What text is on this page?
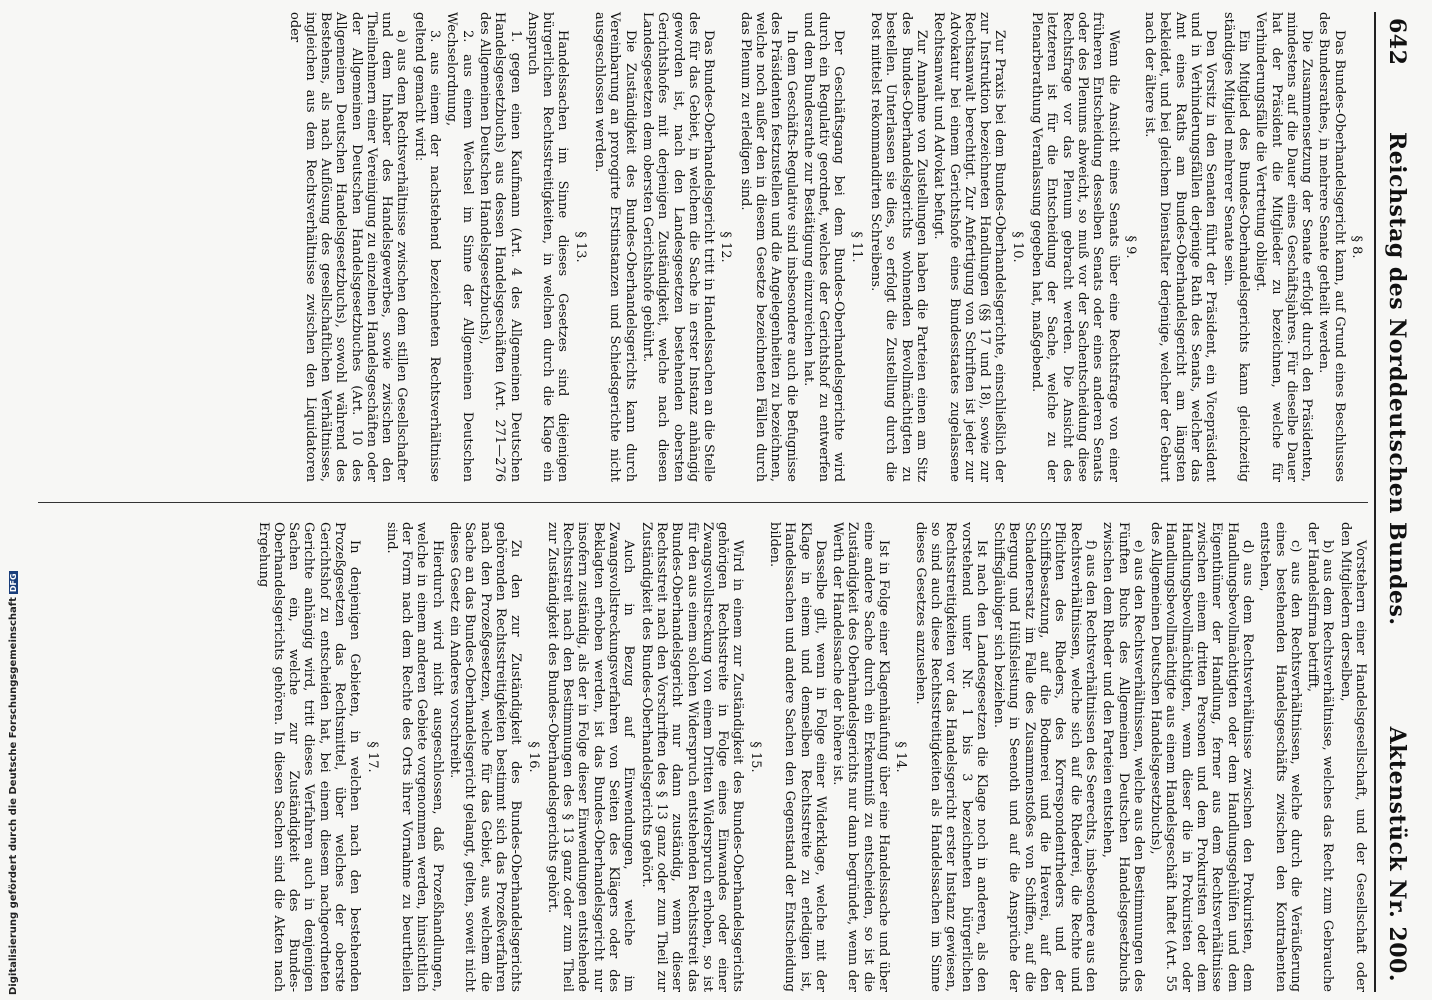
642
Reichstag des Norddeutschen Bundes.
Aktenstück Nr. 200.
§ 8.

Das Bundes-Oberhandelsgericht kann, auf Grund eines Beschlusses des Bundesrathes, in mehrere Senate getheilt werden.

Die Zusammensetzung der Senate erfolgt durch den Präsidenten, mindestens auf die Dauer eines Geschäftsjahres. Für dieselbe Dauer hat der Präsident die Mitglieder zu bezeichnen, welche für Verhinderungsfälle die Vertretung obliegt.

Ein Mitglied des Bundes-Oberhandelsgerichts kann gleichzeitig ständiges Mitglied mehrerer Senate sein.

Den Vorsitz in den Senaten führt der Präsident, ein Vicepräsident und in Verhinderungsfällen derjenige Rath des Senats, welcher das Amt eines Raths am Bundes-Oberhandelsgericht am längsten bekleidet, und bei gleichem Dienstalter derjenige, welcher der Geburt nach der ältere ist.

§ 9.

Wenn die Ansicht eines Senats über eine Rechtsfrage von einer früheren Entscheidung desselben Senats oder eines anderen Senats oder des Plenums abweicht, so muß vor der Sachentscheidung diese Rechtsfrage vor das Plenum gebracht werden. Die Ansicht des letzteren ist für die Entscheidung der Sache, welche zu der Plenarberathung Veranlassung gegeben hat, maßgebend.

§ 10.

Zur Praxis bei dem Bundes-Oberhandelsgerichte, einschließlich der zur Instruktion bezeichneten Handlungen (§§ 17 und 18), sowie zur Rechtsanwalt berechtigt. Zur Anfertigung von Schriften ist jeder zur Advokatur bei einem Gerichtshofe eines Bundesstaates zugelassene Rechtsanwalt und Advokat befugt.

Zur Annahme von Zustellungen haben die Parteien einen am Sitz des Bundes-Oberhandelsgerichts wohnenden Bevollmächtigten zu bestellen. Unterlassen sie dies, so erfolgt die Zustellung durch die Post mittelst rekommandirten Schreibens.

§ 11.

Der Geschäftsgang bei dem Bundes-Oberhandelsgerichte wird durch ein Regulativ geordnet, welches der Gerichtshof zu entwerfen und dem Bundesrathe zur Bestätigung einzureichen hat.

In dem Geschäfts-Regulative sind insbesondere auch die Befugnisse des Präsidenten festzustellen und die Angelegenheiten zu bezeichnen, welche noch außer den in diesem Gesetze bezeichneten Fällen durch das Plenum zu erledigen sind.

§ 12.

Das Bundes-Oberhandelsgericht tritt in Handelssachen an die Stelle des für das Gebiet, in welchem die Sache in erster Instanz anhängig geworden ist, nach den Landesgesetzen bestehenden obersten Gerichtshofes mit derjenigen Zuständigkeit, welche nach diesen Landesgesetzen dem obersten Gerichtshofe gebührt.

Die Zuständigkeit des Bundes-Oberhandelsgerichts kann durch Vereinbarung an prorogirte Erstinstanzen und Schiedsgerichte nicht ausgeschlossen werden.

§ 13.

Handelssachen im Sinne dieses Gesetzes sind diejenigen bürgerlichen Rechtsstreitigkeiten, in welchen durch die Klage ein Anspruch

1. gegen einen Kaufmann (Art. 4 des Allgemeinen Deutschen Handelsgesetzbuchs) aus dessen Handelsgeschäften (Art. 271—276 des Allgemeinen Deutschen Handelsgesetzbuchs),

2. aus einem Wechsel im Sinne der Allgemeinen Deutschen Wechselordnung,

3. aus einem der nachstehend bezeichneten Rechtsverhältnisse geltend gemacht wird:

a) aus dem Rechtsverhältnisse zwischen dem stillen Gesellschafter und dem Inhaber des Handelsgewerbes, sowie zwischen den Theilnehmern einer Vereinigung zu einzelnen Handelsgeschäften oder der Allgemeinen Deutschen Handelsgesetzbuches (Art. 10 des Allgemeinen Deutschen Handelsgesetzbuchs), sowohl während des Bestehens, als nach Auflösung des gesellschaftlichen Verhältnisses, ingleichen aus dem Rechtsverhältnisse zwischen den Liquidatoren oder

Vorstehern einer Handelsgesellschaft, und der Gesellschaft oder den Mitgliedern derselben,

b) aus dem Rechtsverhältnisse, welches das Recht zum Gebrauche der Handelsfirma betrifft,

c) aus den Rechtsverhältnissen, welche durch die Veräußerung eines bestehenden Handelsgeschäfts zwischen den Kontrahenten entstehen,

d) aus dem Rechtsverhältnisse zwischen den Prokuristen, dem Handlungsbevollmächtigten oder dem Handlungsgehülfen und dem Eigenthümer der Handlung, ferner aus dem Rechtsverhältnisse zwischen einem dritten Personen und dem Prokuristen oder dem Handlungsbevollmächtigten, wenn dieser die in Prokuristen oder Handlungsbevollmächtigte aus einem Handelsgeschäft haftet (Art. 55 des Allgemeinen Deutschen Handelsgesetzbuchs),

e) aus den Rechtsverhältnissen, welche aus den Bestimmungen des Fünften Buchs des Allgemeinen Deutschen Handelsgesetzbuchs zwischen dem Rheder und den Parteien entstehen,

f) aus den Rechtsverhältnissen des Seerechts, insbesondere aus den Rechtsverhältnissen, welche sich auf die Rhederei, die Rechte und Pflichten des Rheders, des Korrespondentrheders und der Schiffsbesatzung, auf die Bodmerei und die Haverei, auf den Schadenersatz im Falle des Zusammenstoßes von Schiffen, auf die Bergung und Hülfsleistung in Seenoth und auf die Ansprüche der Schiffsgläubiger sich beziehen.

Ist nach den Landesgesetzen die Klage noch in anderen, als den vorstehend unter Nr. 1 bis 3 bezeichneten bürgerlichen Rechtsstreitigkeiten vor das Handelsgericht erster Instanz gewiesen, so sind auch diese Rechtsstreitigkeiten als Handelssachen im Sinne dieses Gesetzes anzusehen.

§ 14.

Ist in Folge einer Klagenhäufung über eine Handelssache und über eine andere Sache durch ein Erkenntniß zu entscheiden, so ist die Zuständigkeit des Oberhandelsgerichts nur dann begründet, wenn der Werth der Handelssache der höhere ist.

Dasselbe gilt, wenn in Folge einer Widerklage, welche mit der Klage in einem und demselben Rechtsstreite zu erledigen ist, Handelssachen und andere Sachen den Gegenstand der Entscheidung bilden.

§ 15.

Wird in einem zur Zuständigkeit des Bundes-Oberhandelsgerichts gehörigen Rechtsstreite in Folge eines Einwandes oder einer Zwangsvollstreckung von einem Dritten Widerspruch erhoben, so ist für den aus einem solchen Widerspruch entstehenden Rechtsstreit das Bundes-Oberhandelsgericht nur dann zuständig, wenn dieser Rechtsstreit nach den Vorschriften des § 13 ganz oder zum Theil zur Zuständigkeit des Bundes-Oberhandelsgerichts gehört.

Auch in Bezug auf Einwendungen, welche im Zwangsvollstreckungsverfahren von Seiten des Klägers oder des Beklagten erhoben werden, ist das Bundes-Oberhandelsgericht nur insofern zuständig, als der in Folge dieser Einwendungen entstehende Rechtsstreit nach den Bestimmungen des § 13 ganz oder zum Theil zur Zuständigkeit des Bundes-Oberhandelsgerichts gehört.

§ 16.

Zu den zur Zuständigkeit des Bundes-Oberhandelsgerichts gehörenden Rechtsstreitigkeiten bestimmt sich das Prozeßverfahren nach den Prozeßgesetzen, welche für das Gebiet, aus welchem die Sache an das Bundes-Oberhandelsgericht gelangt, gelten, soweit nicht dieses Gesetz ein Anderes vorschreibt.

Hierdurch wird nicht ausgeschlossen, daß Prozeßhandlungen, welche in einem anderen Gebiete vorgenommen werden, hinsichtlich der Form nach dem Rechte des Orts ihrer Vornahme zu beurtheilen sind.

§ 17.

In denjenigen Gebieten, in welchen nach den bestehenden Prozeßgesetzen das Rechtsmittel, über welches der oberste Gerichtshof zu entscheiden hat, bei einem diesem nachgeordneten Gerichte anhängig wird, tritt dieses Verfahren auch in denjenigen Sachen ein, welche zur Zuständigkeit des Bundes-Oberhandelsgerichts gehören. In diesen Sachen sind die Akten nach Ergehung

Digitalisierung gefördert durch die Deutsche ForschungsgemeinschaftDFG
